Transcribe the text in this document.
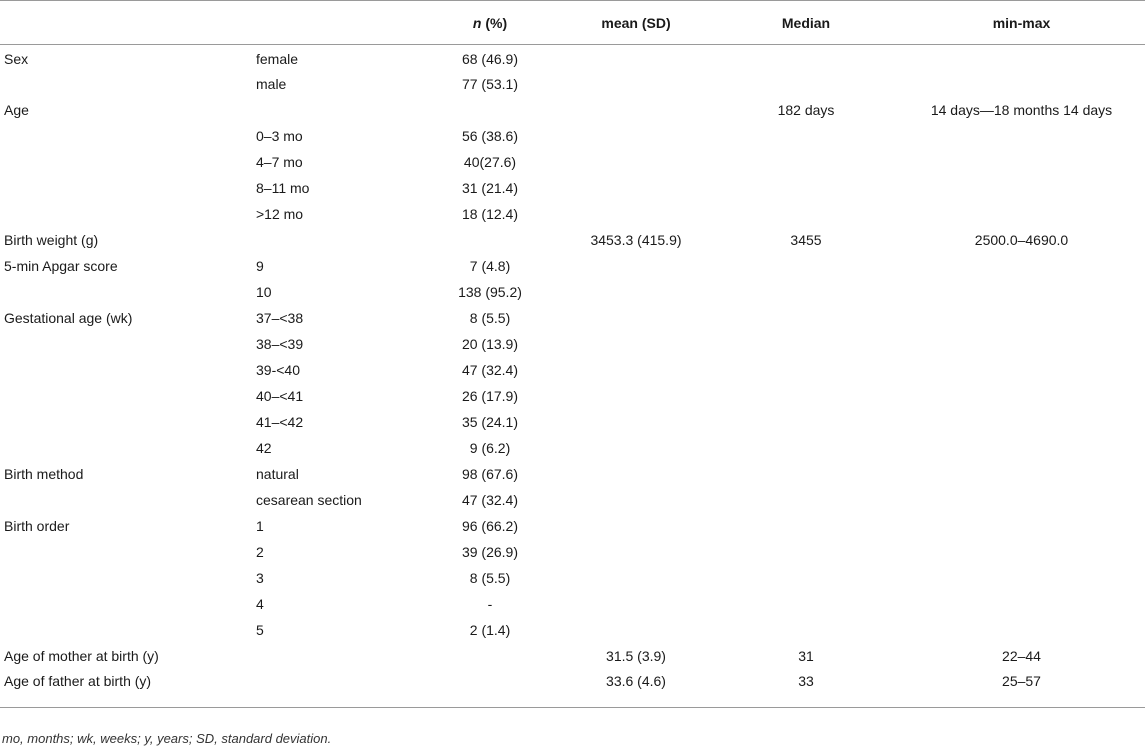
		n (%)	mean (SD)	Median	min-max
Sex	female	68 (46.9)			
	male	77 (53.1)			
Age				182 days	14 days—18 months 14 days
	0–3 mo	56 (38.6)			
	4–7 mo	40(27.6)			
	8–11 mo	31 (21.4)			
	>12 mo	18 (12.4)			
Birth weight (g)			3453.3 (415.9)	3455	2500.0–4690.0
5-min Apgar score	9	7 (4.8)			
	10	138 (95.2)			
Gestational age (wk)	37–<38	8 (5.5)			
	38–<39	20 (13.9)			
	39-<40	47 (32.4)			
	40–<41	26 (17.9)			
	41–<42	35 (24.1)			
	42	9 (6.2)			
Birth method	natural	98 (67.6)			
	cesarean section	47 (32.4)			
Birth order	1	96 (66.2)			
	2	39 (26.9)			
	3	8 (5.5)			
	4	-			
	5	2 (1.4)			
Age of mother at birth (y)			31.5 (3.9)	31	22–44
Age of father at birth (y)			33.6 (4.6)	33	25–57
mo, months; wk, weeks; y, years; SD, standard deviation.
